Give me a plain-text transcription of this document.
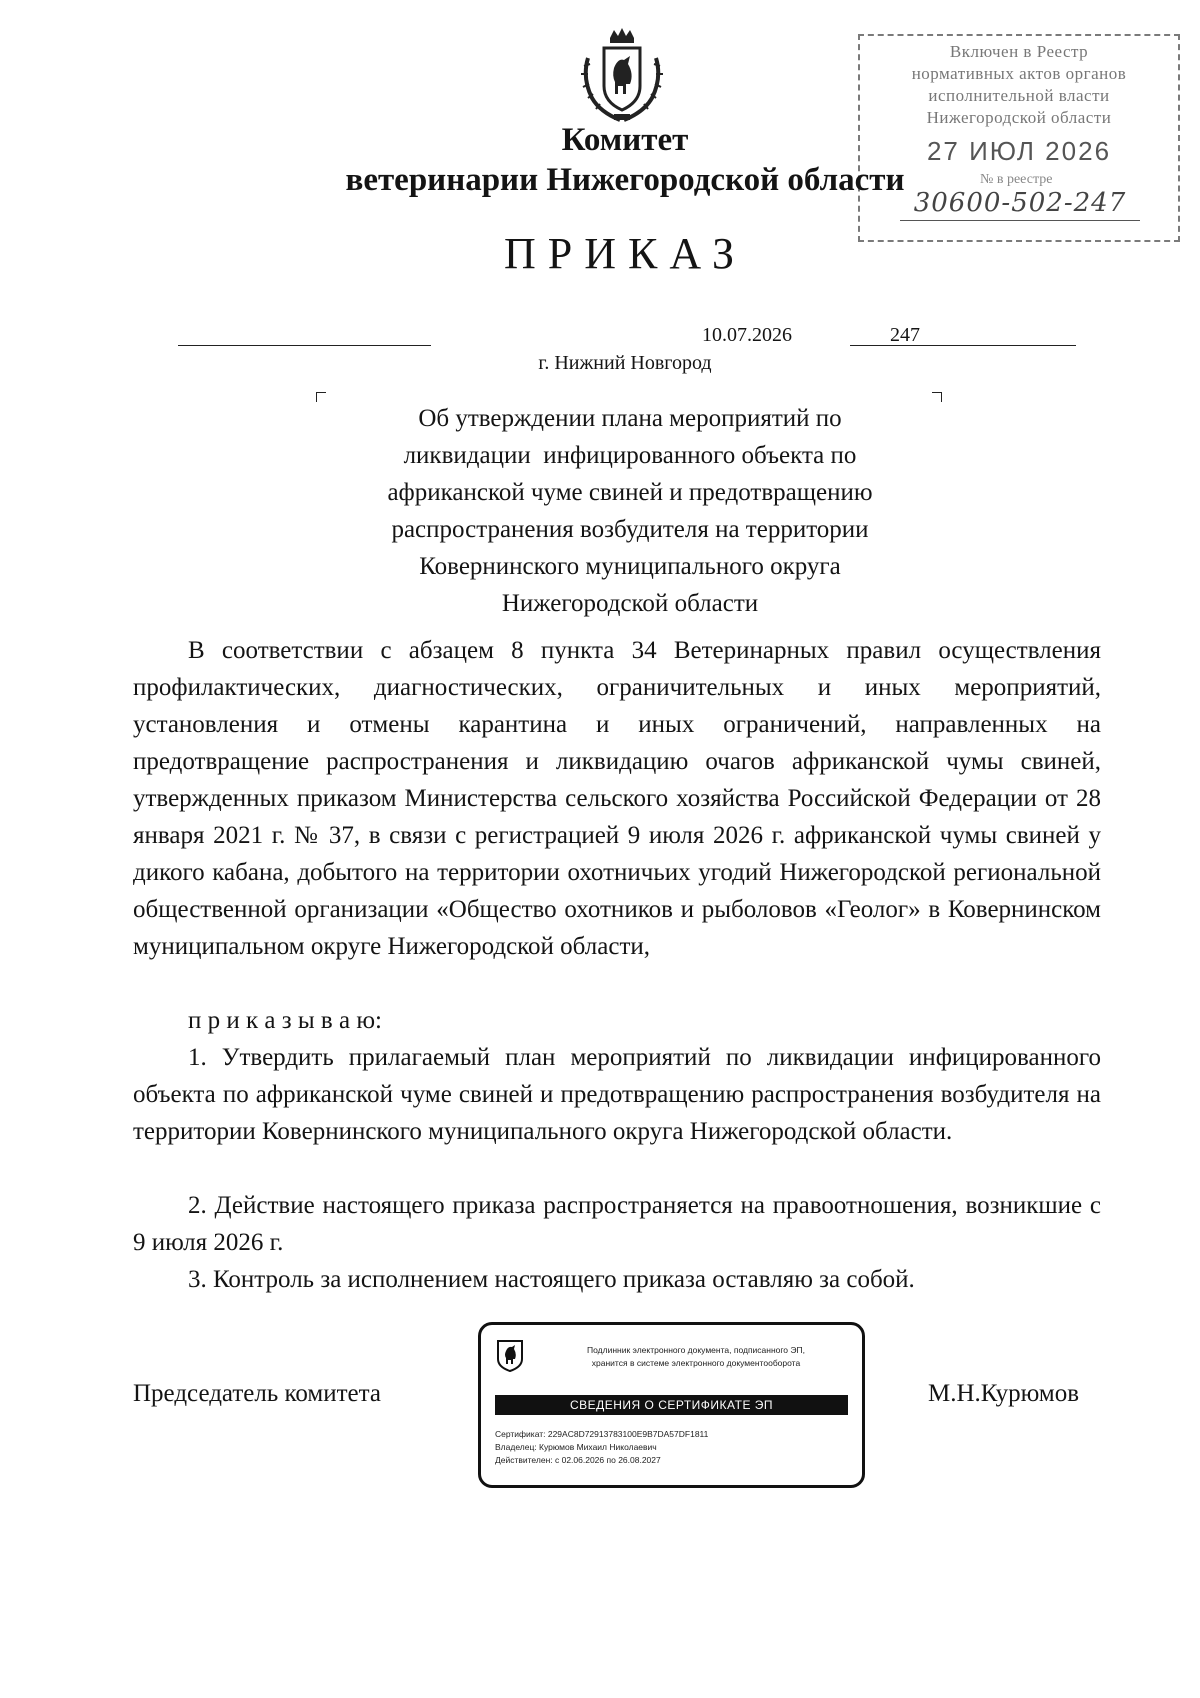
Включен в Реестр
нормативных актов органов
исполнительной власти
Нижегородской области
27 ИЮЛ 2026
№ в реестре
30600-502-247
Комитет
ветеринарии Нижегородской области
ПРИКАЗ
10.07.2026	247
г. Нижний Новгород
Об утверждении плана мероприятий по
ликвидации  инфицированного объекта по
африканской чуме свиней и предотвращению
распространения возбудителя на территории
Ковернинского муниципального округа
Нижегородской области
В соответствии с абзацем 8 пункта 34 Ветеринарных правил осуществления профилактических, диагностических, ограничительных и иных мероприятий, установления и отмены карантина и иных ограничений, направленных на предотвращение распространения и ликвидацию очагов африканской чумы свиней, утвержденных приказом Министерства сельского хозяйства Российской Федерации от 28 января 2021 г. № 37, в связи с регистрацией 9 июля 2026 г. африканской чумы свиней у дикого кабана, добытого на территории охотничьих угодий Нижегородской региональной общественной организации «Общество охотников и рыболовов «Геолог» в Ковернинском муниципальном округе Нижегородской области,
п р и к а з ы в а ю:
1. Утвердить прилагаемый план мероприятий по ликвидации инфицированного объекта по африканской чуме свиней и предотвращению распространения возбудителя на территории Ковернинского муниципального округа Нижегородской области.
2. Действие настоящего приказа распространяется на правоотношения, возникшие с 9 июля 2026 г.
3. Контроль за исполнением настоящего приказа оставляю за собой.
Председатель комитета	М.Н.Курюмов
Подлинник электронного документа, подписанного ЭП,
хранится в системе электронного документооборота
СВЕДЕНИЯ О СЕРТИФИКАТЕ ЭП
Сертификат: 229AC8D72913783100E9B7DA57DF1811
Владелец: Курюмов Михаил Николаевич
Действителен: с 02.06.2026 по 26.08.2027
